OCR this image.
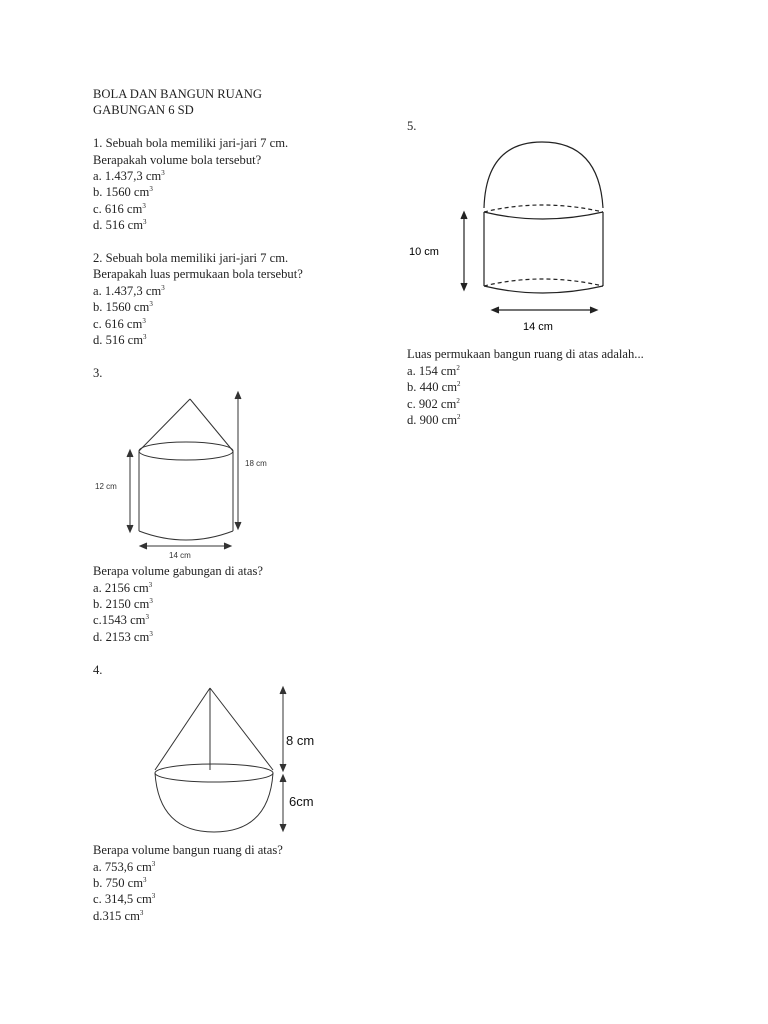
BOLA DAN BANGUN RUANG
GABUNGAN 6 SD
1. Sebuah bola memiliki jari-jari 7 cm.
Berapakah volume bola tersebut?
a. 1.437,3 $cm^3$
b. 1560 $cm^3$
c. 616 $cm^3$
d. 516 $cm^3$
2. Sebuah bola memiliki jari-jari 7 cm.
Berapakah luas permukaan bola tersebut?
a. 1.437,3 $cm^3$
b. 1560 $cm^3$
c. 616 $cm^3$
d. 516 $cm^3$
3.
12 cm
18 cm
14 cm
Berapa volume gabungan di atas?
a. 2156 $cm^3$
b. 2150 $cm^3$
c.1543 $cm^3$
d. 2153 $cm^3$
4.
8 cm
6cm
Berapa volume bangun ruang di atas?
a. 753,6 $cm^3$
b. 750 $cm^3$
c. 314,5 $cm^3$
d.315 $cm^3$
5.
10 cm
14 cm
Luas permukaan bangun ruang di atas adalah...
a. 154 $cm^2$
b. 440 $cm^2$
c. 902 $cm^2$
d. 900 $cm^2$
